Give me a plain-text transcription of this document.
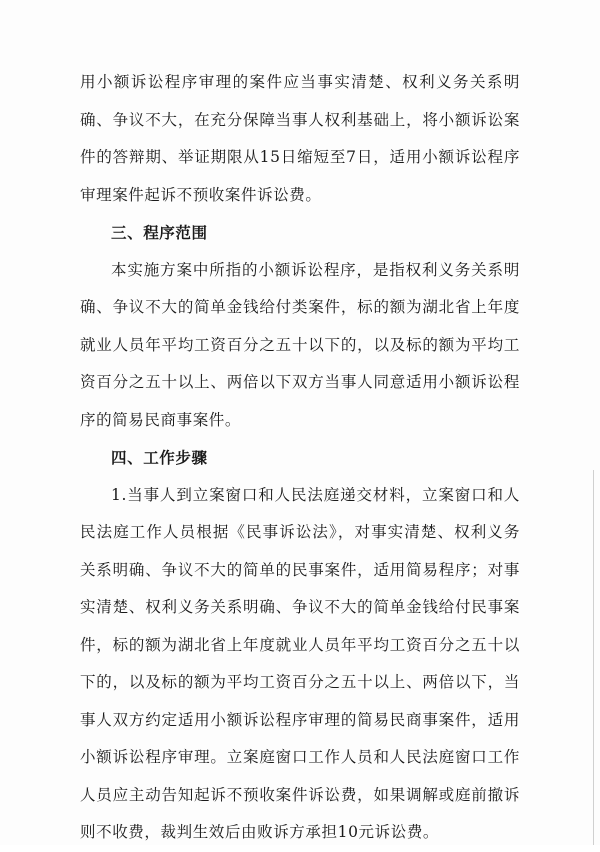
用小额诉讼程序审理的案件应当事实清楚、权利义务关系明确、争议不大，在充分保障当事人权利基础上，将小额诉讼案件的答辩期、举证期限从15日缩短至7日，适用小额诉讼程序审理案件起诉不预收案件诉讼费。

三、程序范围

本实施方案中所指的小额诉讼程序，是指权利义务关系明确、争议不大的简单金钱给付类案件，标的额为湖北省上年度就业人员年平均工资百分之五十以下的，以及标的额为平均工资百分之五十以上、两倍以下双方当事人同意适用小额诉讼程序的简易民商事案件。

四、工作步骤

1.当事人到立案窗口和人民法庭递交材料，立案窗口和人民法庭工作人员根据《民事诉讼法》，对事实清楚、权利义务关系明确、争议不大的简单的民事案件，适用简易程序；对事实清楚、权利义务关系明确、争议不大的简单金钱给付民事案件，标的额为湖北省上年度就业人员年平均工资百分之五十以下的，以及标的额为平均工资百分之五十以上、两倍以下，当事人双方约定适用小额诉讼程序审理的简易民商事案件，适用小额诉讼程序审理。立案庭窗口工作人员和人民法庭窗口工作人员应主动告知起诉不预收案件诉讼费，如果调解或庭前撤诉则不收费，裁判生效后由败诉方承担10元诉讼费。
